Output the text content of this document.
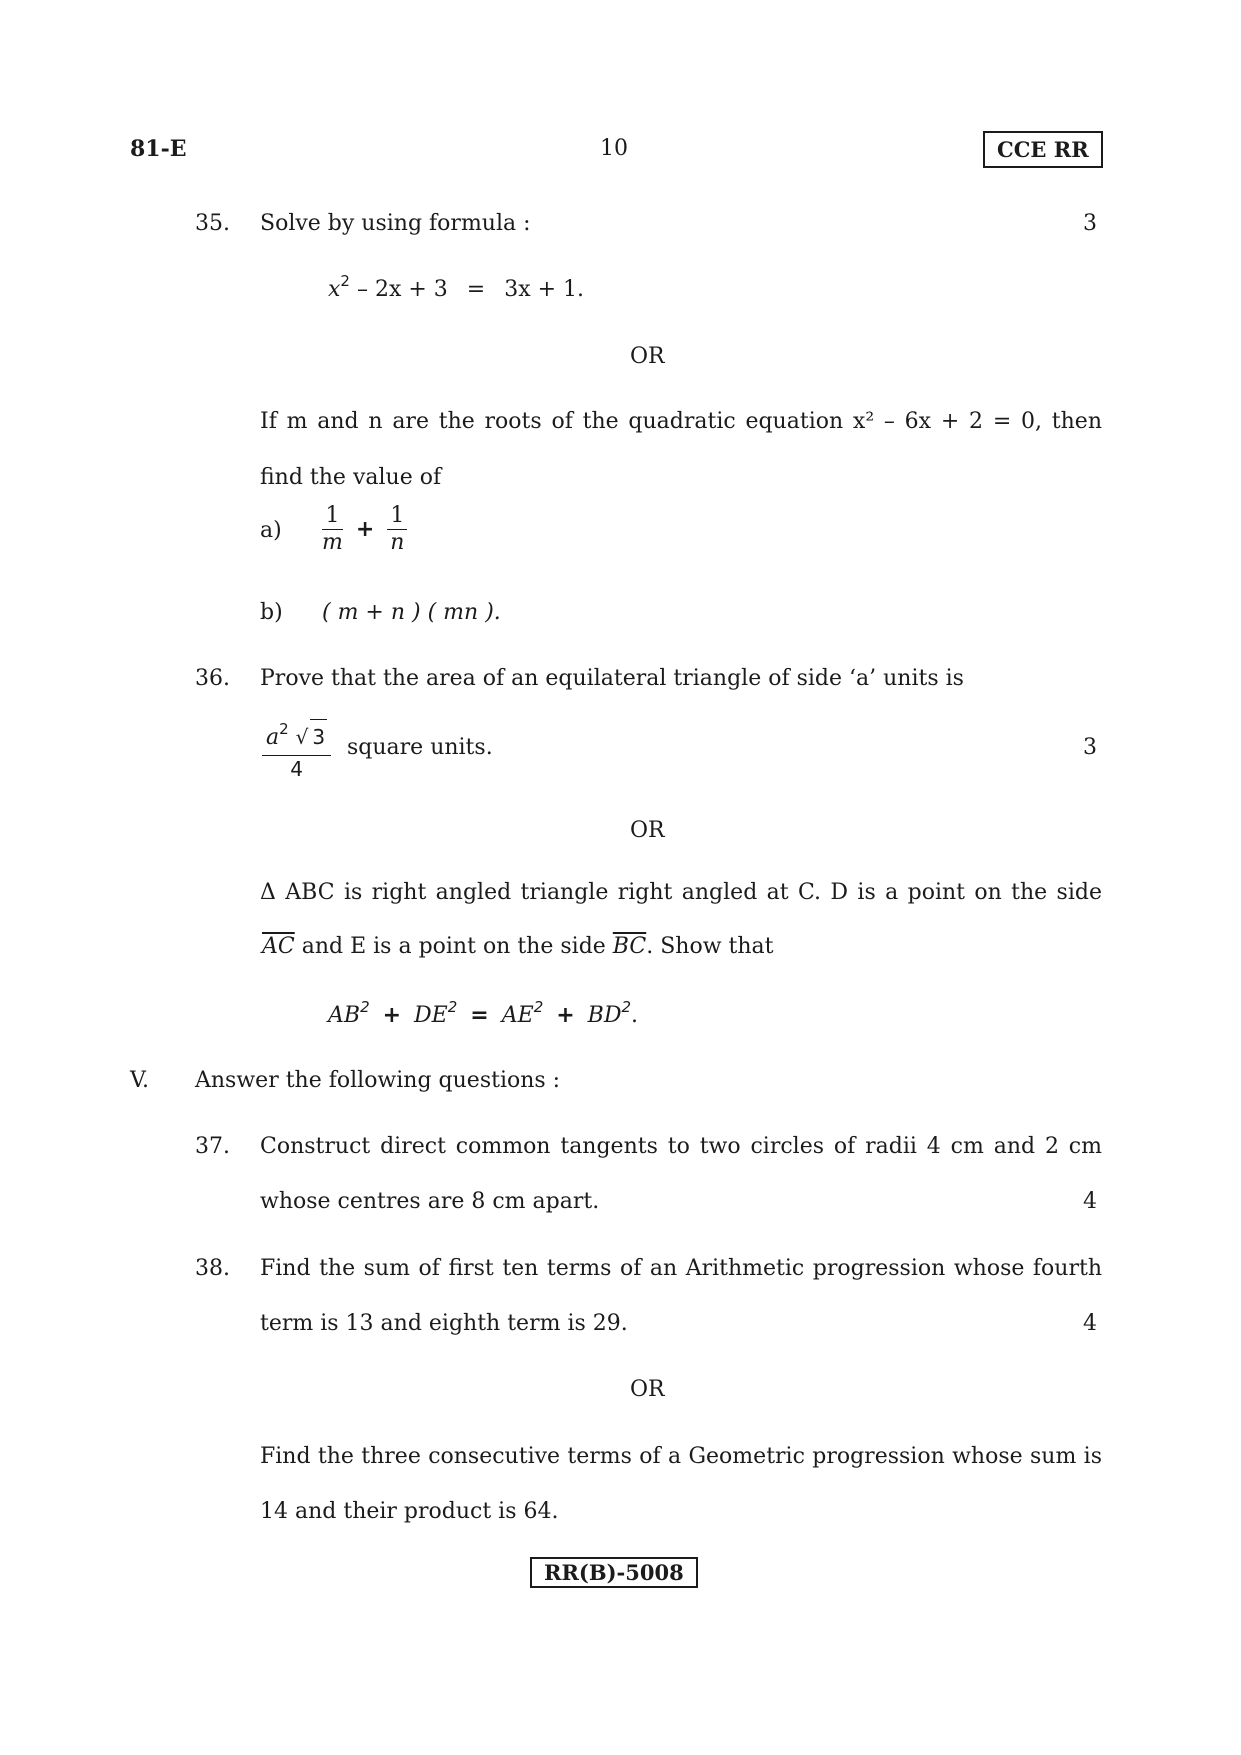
81-E	10	CCE RR
35. Solve by using formula :	3
$x^2 - 2x + 3 = 3x + 1$.
OR
If m and n are the roots of the quadratic equation x² – 6x + 2 = 0, then
find the value of
$a) \frac{1}{m} + \frac{1}{n}$
b) ( m + n ) ( mn ).
36. Prove that the area of an equilateral triangle of side ‘a’ units is
$\frac{a^2 √ 3}{4}$ square units.	3
OR
Δ ABC is right angled triangle right angled at C. D is a point on the side
$\overline{AC}$ and E is a point on the side $\overline{BC}$. Show that
$AB^2 + DE^2 = AE^2 + BD^2$.
V. Answer the following questions :
37. Construct direct common tangents to two circles of radii 4 cm and 2 cm
whose centres are 8 cm apart.	4
38. Find the sum of first ten terms of an Arithmetic progression whose fourth
term is 13 and eighth term is 29.	4
OR
Find the three consecutive terms of a Geometric progression whose sum is
14 and their product is 64.
RR(B)-5008
